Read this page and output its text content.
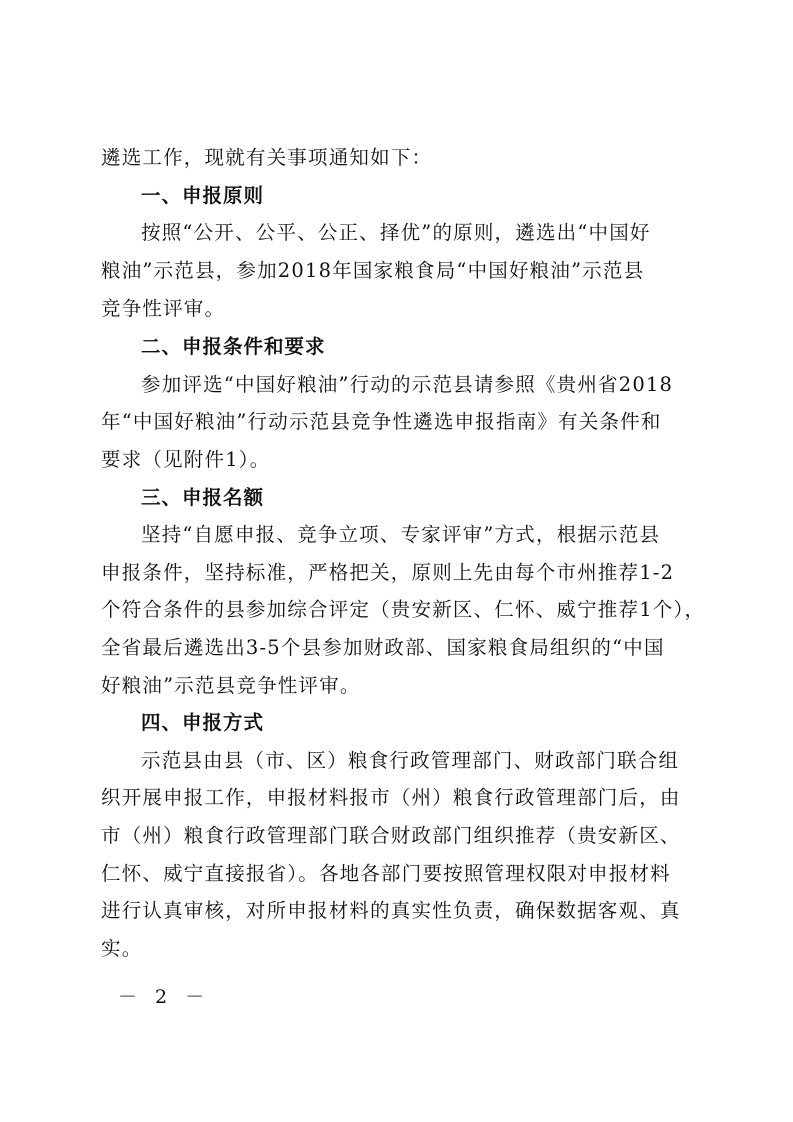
遴选工作，现就有关事项通知如下：
一、申报原则
按照“公开、公平、公正、择优”的原则，遴选出“中国好
粮油”示范县，参加2018年国家粮食局“中国好粮油”示范县
竞争性评审。
二、申报条件和要求
参加评选“中国好粮油”行动的示范县请参照《贵州省2018
年“中国好粮油”行动示范县竞争性遴选申报指南》有关条件和
要求（见附件1）。
三、申报名额
坚持“自愿申报、竞争立项、专家评审”方式，根据示范县
申报条件，坚持标准，严格把关，原则上先由每个市州推荐1-2
个符合条件的县参加综合评定（贵安新区、仁怀、威宁推荐1个），
全省最后遴选出3-5个县参加财政部、国家粮食局组织的“中国
好粮油”示范县竞争性评审。
四、申报方式
示范县由县（市、区）粮食行政管理部门、财政部门联合组
织开展申报工作，申报材料报市（州）粮食行政管理部门后，由
市（州）粮食行政管理部门联合财政部门组织推荐（贵安新区、
仁怀、威宁直接报省）。各地各部门要按照管理权限对申报材料
进行认真审核，对所申报材料的真实性负责，确保数据客观、真
实。
－ 2 －
